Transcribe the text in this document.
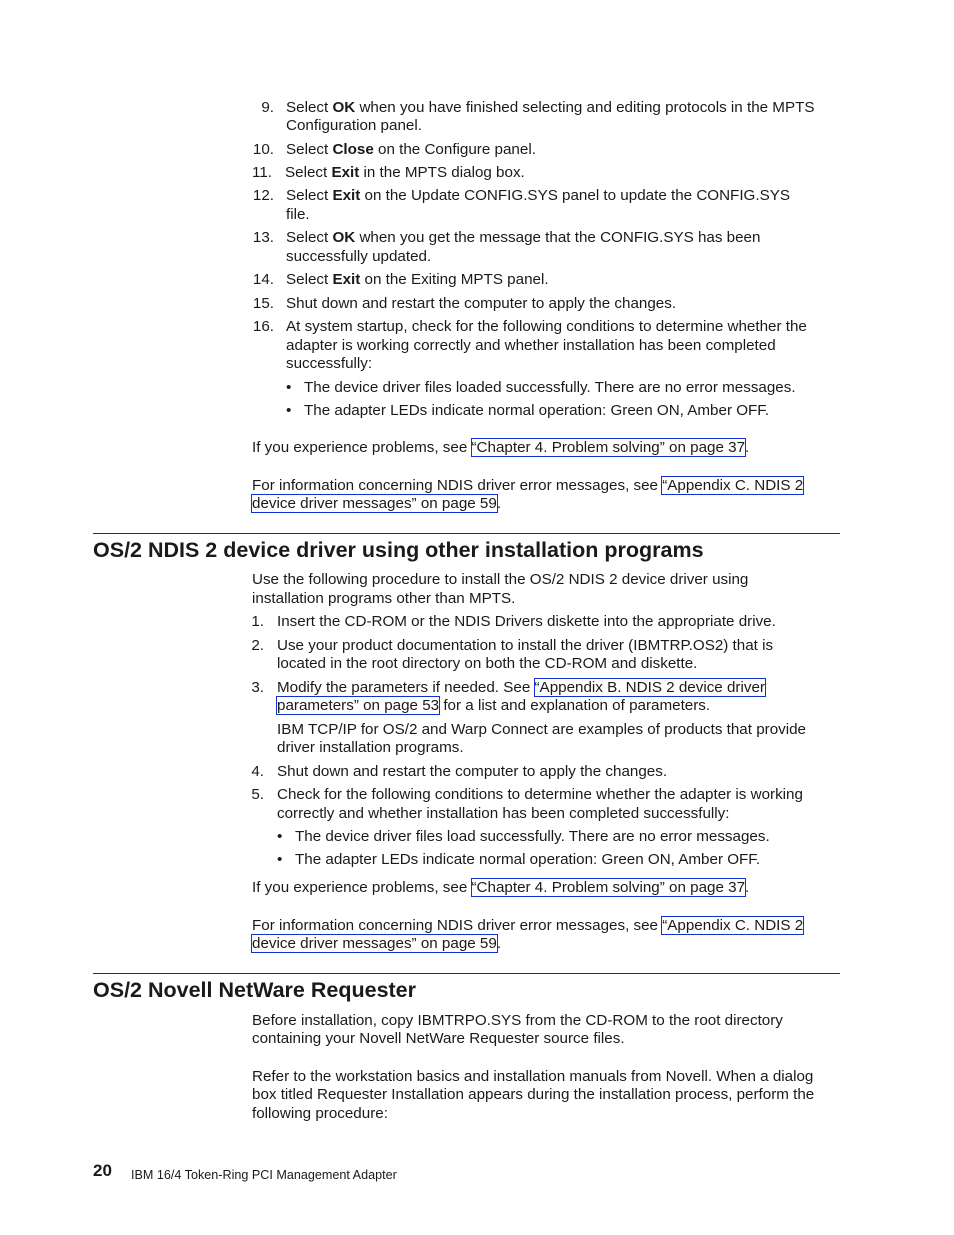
9. Select OK when you have finished selecting and editing protocols in the MPTS
Configuration panel.
10. Select Close on the Configure panel.
11. Select Exit in the MPTS dialog box.
12. Select Exit on the Update CONFIG.SYS panel to update the CONFIG.SYS
file.
13. Select OK when you get the message that the CONFIG.SYS has been
successfully updated.
14. Select Exit on the Exiting MPTS panel.
15. Shut down and restart the computer to apply the changes.
16. At system startup, check for the following conditions to determine whether the
adapter is working correctly and whether installation has been completed
successfully:
• The device driver files loaded successfully. There are no error messages.
• The adapter LEDs indicate normal operation: Green ON, Amber OFF.
If you experience problems, see “Chapter 4. Problem solving” on page 37.
For information concerning NDIS driver error messages, see “Appendix C. NDIS 2
device driver messages” on page 59.
OS/2 NDIS 2 device driver using other installation programs
Use the following procedure to install the OS/2 NDIS 2 device driver using
installation programs other than MPTS.
1. Insert the CD-ROM or the NDIS Drivers diskette into the appropriate drive.
2. Use your product documentation to install the driver (IBMTRP.OS2) that is
located in the root directory on both the CD-ROM and diskette.
3. Modify the parameters if needed. See “Appendix B. NDIS 2 device driver
parameters” on page 53 for a list and explanation of parameters.
IBM TCP/IP for OS/2 and Warp Connect are examples of products that provide
driver installation programs.
4. Shut down and restart the computer to apply the changes.
5. Check for the following conditions to determine whether the adapter is working
correctly and whether installation has been completed successfully:
• The device driver files load successfully. There are no error messages.
• The adapter LEDs indicate normal operation: Green ON, Amber OFF.
If you experience problems, see “Chapter 4. Problem solving” on page 37.
For information concerning NDIS driver error messages, see “Appendix C. NDIS 2
device driver messages” on page 59.
OS/2 Novell NetWare Requester
Before installation, copy IBMTRPO.SYS from the CD-ROM to the root directory
containing your Novell NetWare Requester source files.
Refer to the workstation basics and installation manuals from Novell. When a dialog
box titled Requester Installation appears during the installation process, perform the
following procedure:
20 IBM 16/4 Token-Ring PCI Management Adapter
